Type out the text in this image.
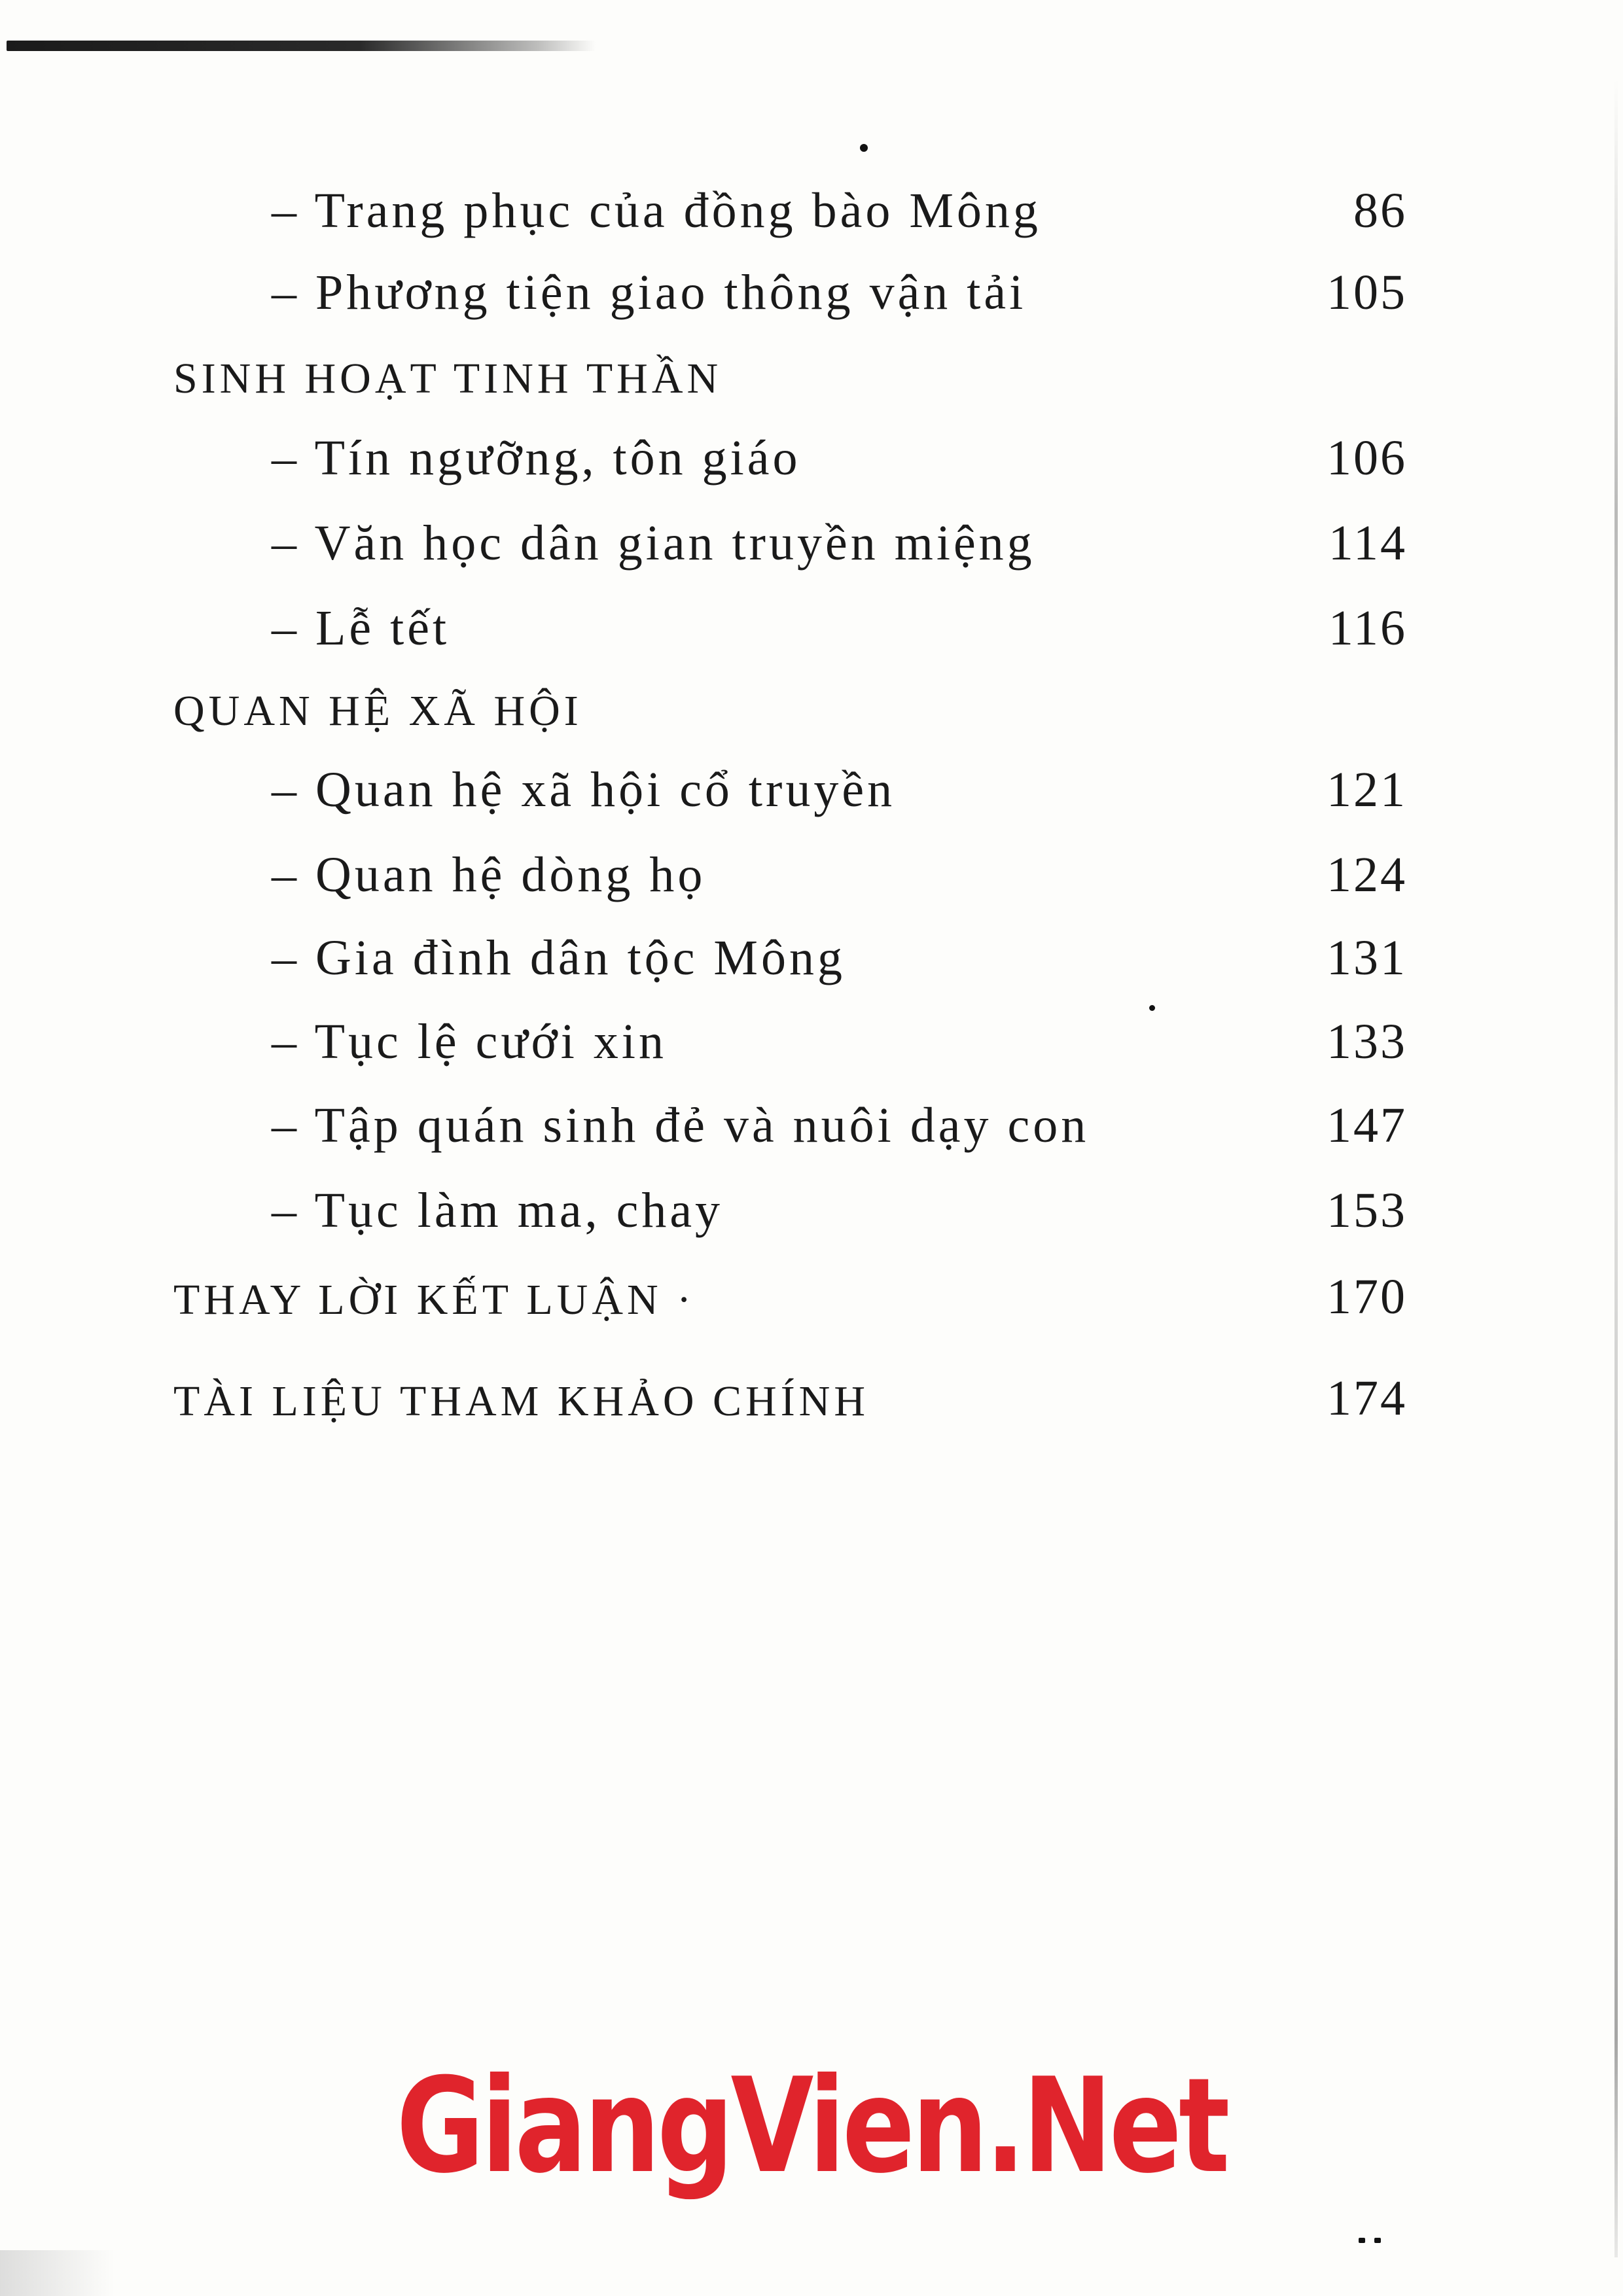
– Trang phục của đồng bào Mông	86
– Phương tiện giao thông vận tải	105
SINH HOẠT TINH THẦN
– Tín ngưỡng, tôn giáo	106
– Văn học dân gian truyền miệng	114
– Lễ tết	116
QUAN HỆ XÃ HỘI
– Quan hệ xã hội cổ truyền	121
– Quan hệ dòng họ	124
– Gia đình dân tộc Mông	131
– Tục lệ cưới xin	133
– Tập quán sinh đẻ và nuôi dạy con	147
– Tục làm ma, chay	153
THAY LỜI KẾT LUẬN ·	170
TÀI LIỆU THAM KHẢO CHÍNH	174
GiangVien.Net
